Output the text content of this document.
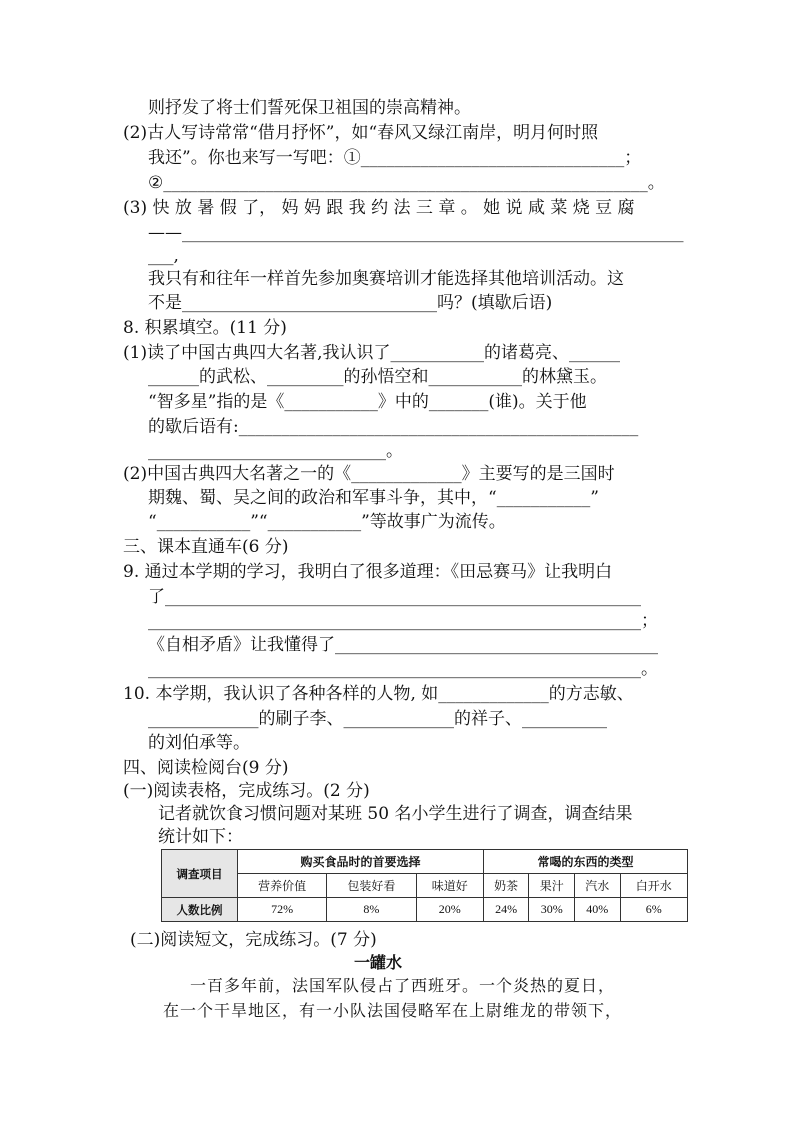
则抒发了将士们誓死保卫祖国的崇高精神。
(2)古人写诗常常“借月抒怀”，如“春风又绿江南岸，明月何时照
我还”。你也来写一写吧：①_______________________________；
②_________________________________________________________。
(3) 快 放 暑 假 了， 妈 妈 跟 我 约 法 三 章 。 她 说 咸 菜 烧 豆 腐
——___________________________________________________________
___,
我只有和往年一样首先参加奥赛培训才能选择其他培训活动。这
不是______________________________吗？(填歇后语)
8. 积累填空。(11 分)
(1)读了中国古典四大名著,我认识了___________的诸葛亮、______
______的武松、_________的孙悟空和___________的林黛玉。
“智多星”指的是《___________》中的_______(谁)。关于他
的歇后语有:_______________________________________________
____________________________。
(2)中国古典四大名著之一的《_____________》主要写的是三国时
期魏、蜀、吴之间的政治和军事斗争，其中，“___________”
“___________”“___________”等故事广为流传。
三、课本直通车(6 分)
9. 通过本学期的学习，我明白了很多道理：《田忌赛马》让我明白
了________________________________________________________
__________________________________________________________；
《自相矛盾》让我懂得了______________________________________
__________________________________________________________。
10. 本学期，我认识了各种各样的人物, 如_____________的方志敏、
_____________的刷子李、_____________的祥子、__________
的刘伯承等。
四、阅读检阅台(9 分)
(一)阅读表格，完成练习。(2 分)
记者就饮食习惯问题对某班 50 名小学生进行了调查，调查结果
统计如下：
调查项目	购买食品时的首要选择			常喝的东西的类型			
	营养价值	包装好看	味道好	奶茶	果汁	汽水	白开水
人数比例	72%	8%	20%	24%	30%	40%	6%
(二)阅读短文，完成练习。(7 分)
一罐水
一百多年前，法国军队侵占了西班牙。一个炎热的夏日，
在一个干旱地区，有一小队法国侵略军在上尉维龙的带领下，
